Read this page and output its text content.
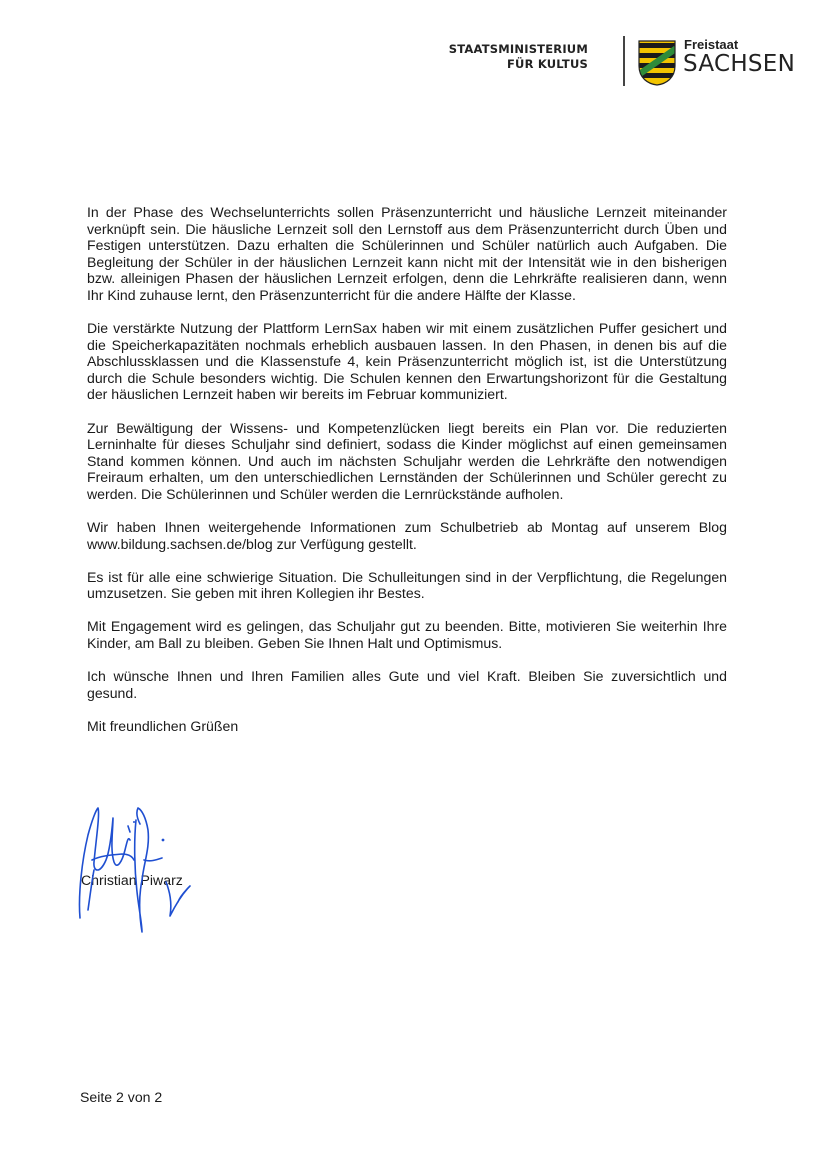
STAATSMINISTERIUM
FÜR KULTUS
Freistaat
SACHSEN

In der Phase des Wechselunterrichts sollen Präsenzunterricht und häusliche Lernzeit miteinander verknüpft sein. Die häusliche Lernzeit soll den Lernstoff aus dem Präsenzunterricht durch Üben und Festigen unterstützen. Dazu erhalten die Schülerinnen und Schüler natürlich auch Aufgaben. Die Begleitung der Schüler in der häuslichen Lernzeit kann nicht mit der Intensität wie in den bisherigen bzw. alleinigen Phasen der häuslichen Lernzeit erfolgen, denn die Lehrkräfte realisieren dann, wenn Ihr Kind zuhause lernt, den Präsenzunterricht für die andere Hälfte der Klasse.

Die verstärkte Nutzung der Plattform LernSax haben wir mit einem zusätzlichen Puffer gesichert und die Speicherkapazitäten nochmals erheblich ausbauen lassen. In den Phasen, in denen bis auf die Abschlussklassen und die Klassenstufe 4, kein Präsenzunterricht möglich ist, ist die Unterstützung durch die Schule besonders wichtig. Die Schulen kennen den Erwartungshorizont für die Gestaltung der häuslichen Lernzeit haben wir bereits im Februar kommuniziert.

Zur Bewältigung der Wissens- und Kompetenzlücken liegt bereits ein Plan vor. Die reduzierten Lerninhalte für dieses Schuljahr sind definiert, sodass die Kinder möglichst auf einen gemeinsamen Stand kommen können. Und auch im nächsten Schuljahr werden die Lehrkräfte den notwendigen Freiraum erhalten, um den unterschiedlichen Lernständen der Schülerinnen und Schüler gerecht zu werden. Die Schülerinnen und Schüler werden die Lernrückstände aufholen.

Wir haben Ihnen weitergehende Informationen zum Schulbetrieb ab Montag auf unserem Blog www.bildung.sachsen.de/blog zur Verfügung gestellt.

Es ist für alle eine schwierige Situation. Die Schulleitungen sind in der Verpflichtung, die Regelungen umzusetzen. Sie geben mit ihren Kollegien ihr Bestes.

Mit Engagement wird es gelingen, das Schuljahr gut zu beenden. Bitte, motivieren Sie weiterhin Ihre Kinder, am Ball zu bleiben. Geben Sie Ihnen Halt und Optimismus.

Ich wünsche Ihnen und Ihren Familien alles Gute und viel Kraft. Bleiben Sie zuversichtlich und gesund.

Mit freundlichen Grüßen

Christian Piwarz
Seite 2 von 2
